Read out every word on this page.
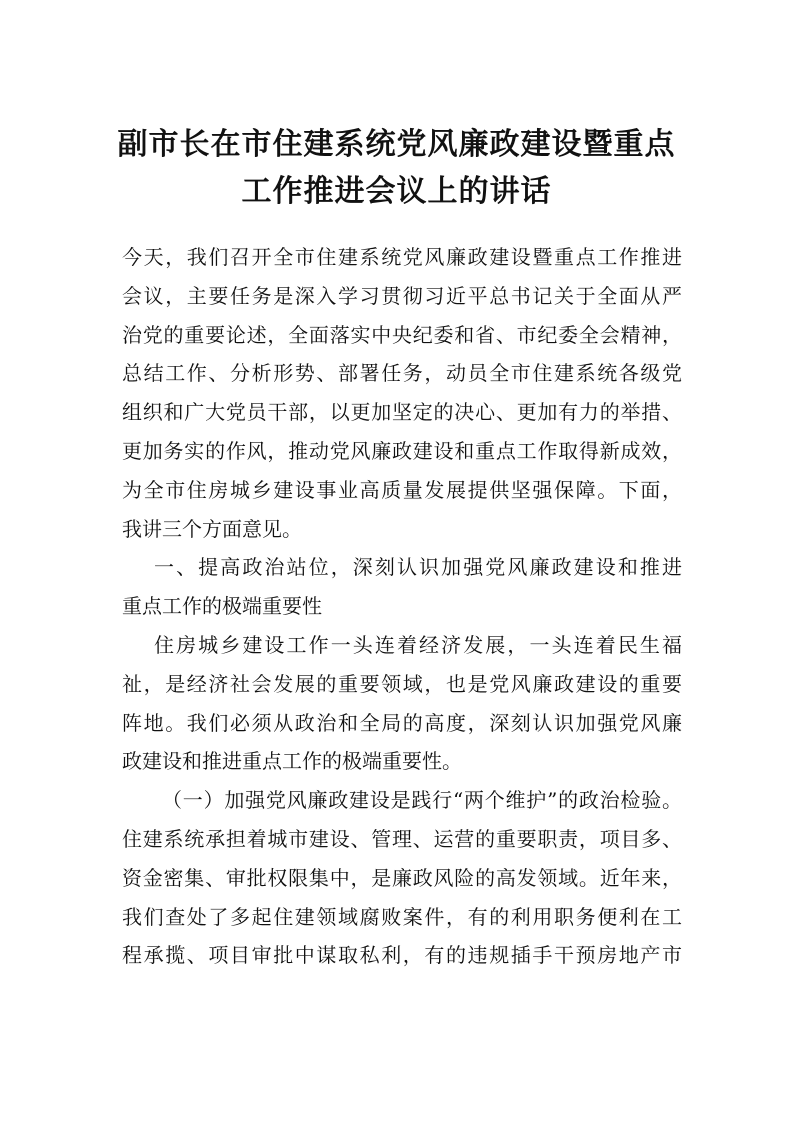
副市长在市住建系统党风廉政建设暨重点
工作推进会议上的讲话
今天，我们召开全市住建系统党风廉政建设暨重点工作推进
会议，主要任务是深入学习贯彻习近平总书记关于全面从严
治党的重要论述，全面落实中央纪委和省、市纪委全会精神，
总结工作、分析形势、部署任务，动员全市住建系统各级党
组织和广大党员干部，以更加坚定的决心、更加有力的举措、
更加务实的作风，推动党风廉政建设和重点工作取得新成效，
为全市住房城乡建设事业高质量发展提供坚强保障。下面，
我讲三个方面意见。
一、提高政治站位，深刻认识加强党风廉政建设和推进
重点工作的极端重要性
住房城乡建设工作一头连着经济发展，一头连着民生福
祉，是经济社会发展的重要领域，也是党风廉政建设的重要
阵地。我们必须从政治和全局的高度，深刻认识加强党风廉
政建设和推进重点工作的极端重要性。
（一）加强党风廉政建设是践行“两个维护”的政治检验。
住建系统承担着城市建设、管理、运营的重要职责，项目多、
资金密集、审批权限集中，是廉政风险的高发领域。近年来，
我们查处了多起住建领域腐败案件，有的利用职务便利在工
程承揽、项目审批中谋取私利，有的违规插手干预房地产市
